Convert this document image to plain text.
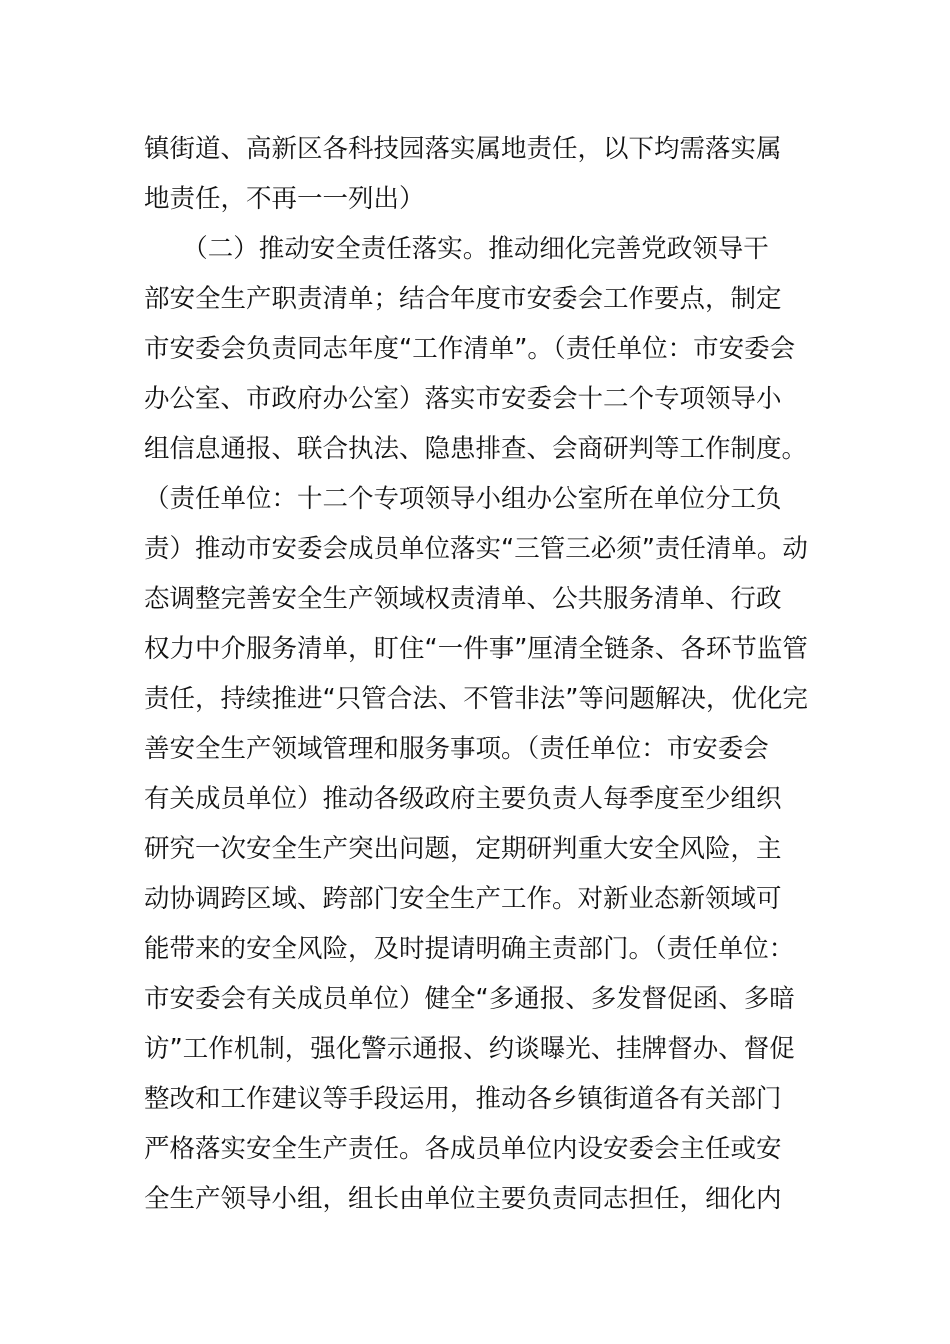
镇街道、高新区各科技园落实属地责任，以下均需落实属
地责任，不再一一列出）
　　（二）推动安全责任落实。推动细化完善党政领导干
部安全生产职责清单；结合年度市安委会工作要点，制定
市安委会负责同志年度“工作清单”。（责任单位：市安委会
办公室、市政府办公室）落实市安委会十二个专项领导小
组信息通报、联合执法、隐患排查、会商研判等工作制度。
（责任单位：十二个专项领导小组办公室所在单位分工负
责）推动市安委会成员单位落实“三管三必须”责任清单。动
态调整完善安全生产领域权责清单、公共服务清单、行政
权力中介服务清单，盯住“一件事”厘清全链条、各环节监管
责任，持续推进“只管合法、不管非法”等问题解决，优化完
善安全生产领域管理和服务事项。（责任单位：市安委会
有关成员单位）推动各级政府主要负责人每季度至少组织
研究一次安全生产突出问题，定期研判重大安全风险，主
动协调跨区域、跨部门安全生产工作。对新业态新领域可
能带来的安全风险，及时提请明确主责部门。（责任单位：
市安委会有关成员单位）健全“多通报、多发督促函、多暗
访”工作机制，强化警示通报、约谈曝光、挂牌督办、督促
整改和工作建议等手段运用，推动各乡镇街道各有关部门
严格落实安全生产责任。各成员单位内设安委会主任或安
全生产领导小组，组长由单位主要负责同志担任，细化内
